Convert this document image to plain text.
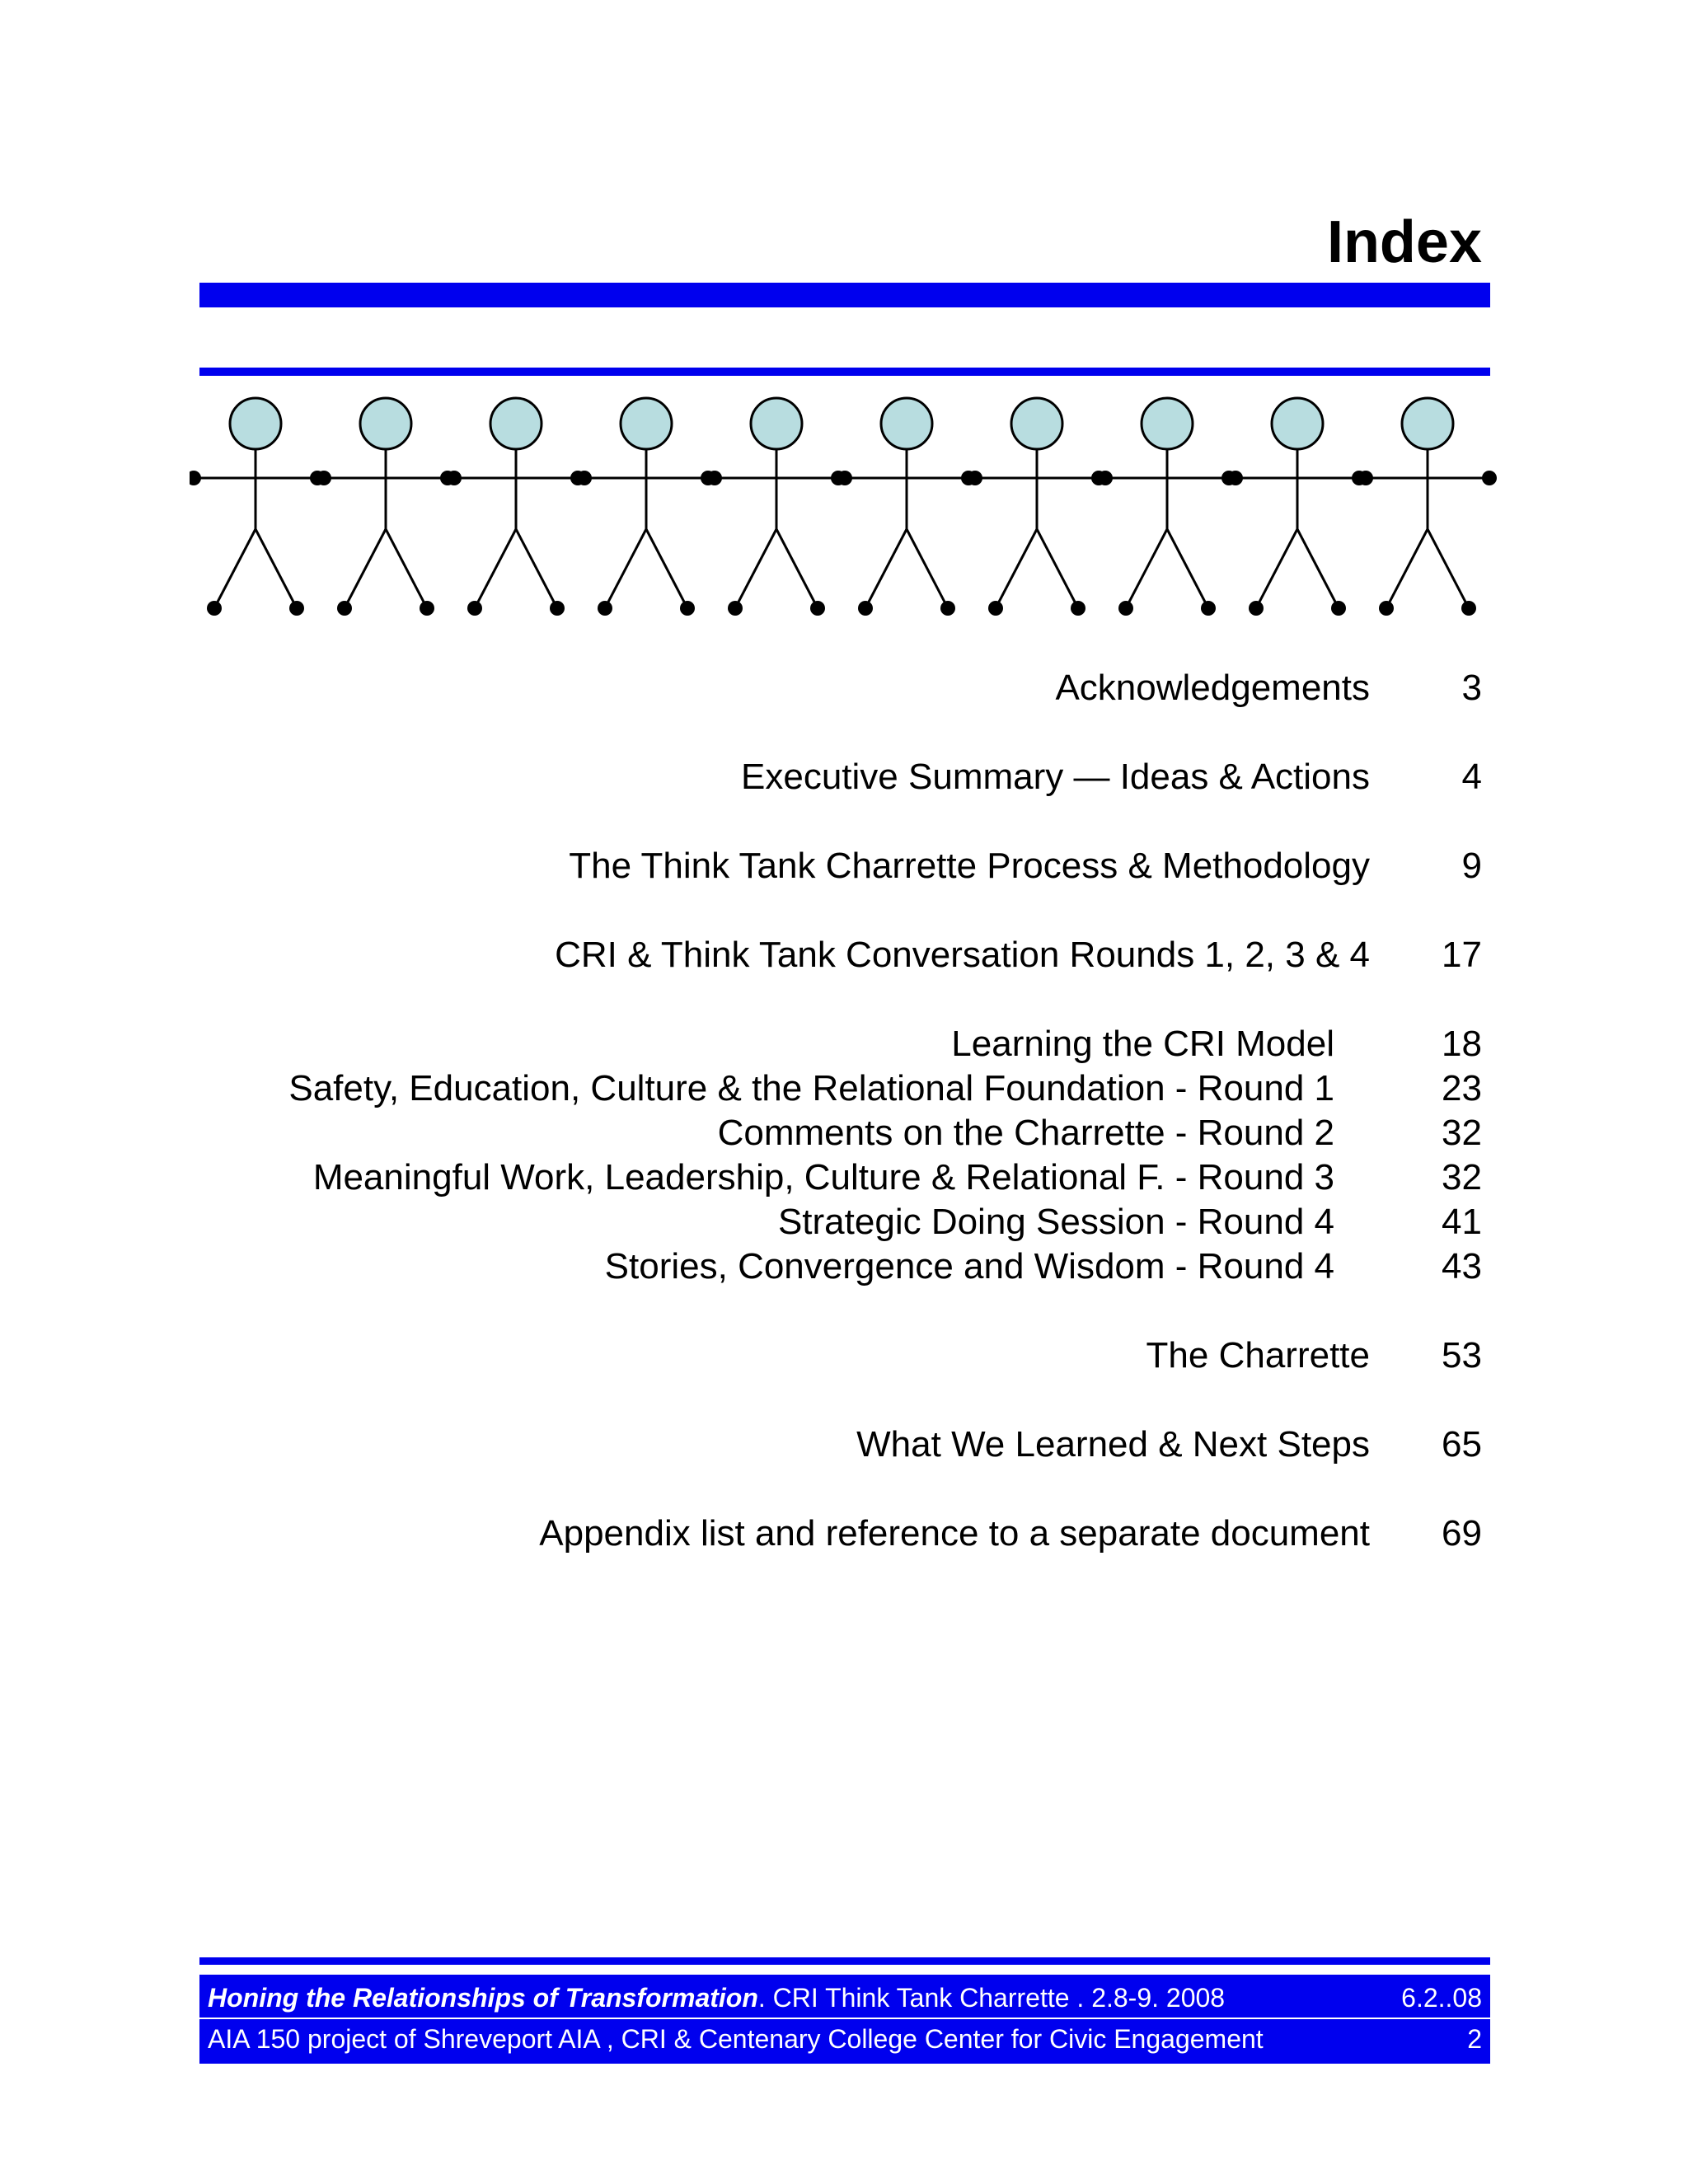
Index
Acknowledgements	3
Executive Summary — Ideas & Actions	4
The Think Tank Charrette Process & Methodology	9
CRI & Think Tank Conversation Rounds 1, 2, 3 & 4	17
Learning the CRI Model	18
Safety, Education, Culture & the Relational Foundation - Round 1	23
Comments on the Charrette - Round 2	32
Meaningful Work, Leadership, Culture & Relational F. - Round 3	32
Strategic Doing Session - Round 4	41
Stories, Convergence and Wisdom - Round 4	43
The Charrette	53
What We Learned & Next Steps	65
Appendix list and reference to a separate document	69
Honing the Relationships of Transformation. CRI Think Tank Charrette . 2.8-9. 2008	6.2..08
AIA 150 project of Shreveport AIA , CRI & Centenary College Center for Civic Engagement	2
